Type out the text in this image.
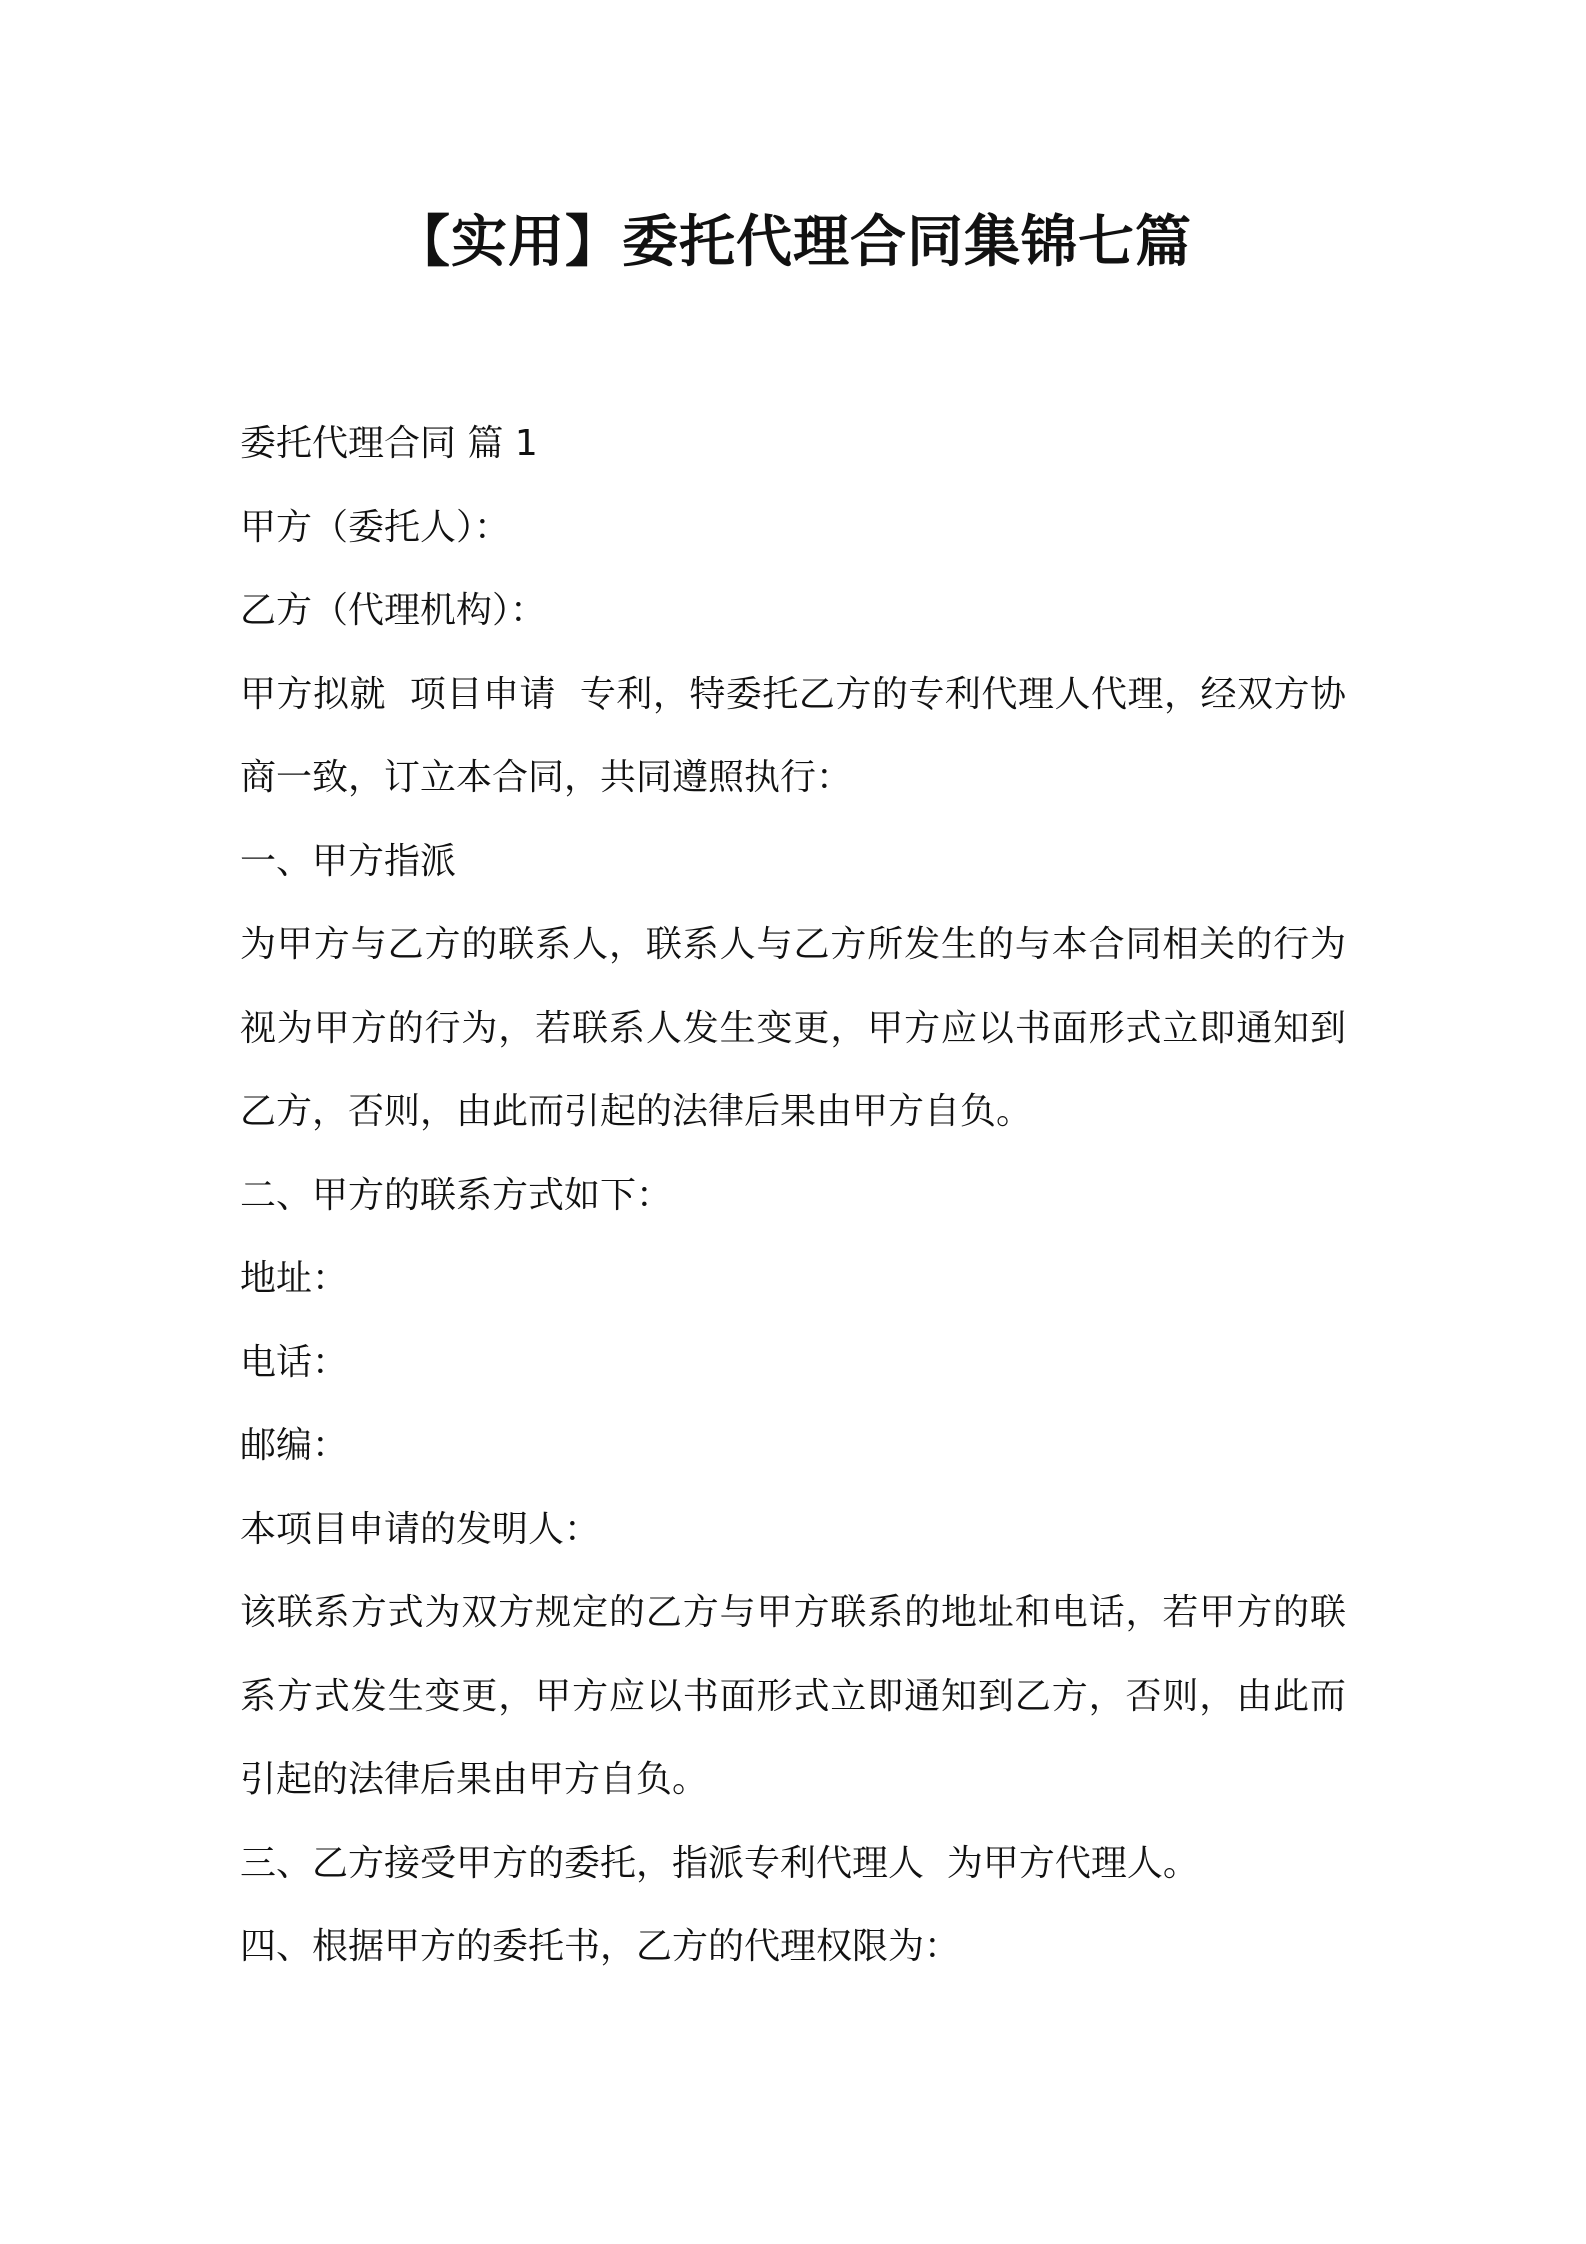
【实用】委托代理合同集锦七篇

委托代理合同 篇 1

甲方（委托人）：

乙方（代理机构）：

甲方拟就  项目申请  专利，特委托乙方的专利代理人代理，经双方协商一致，订立本合同，共同遵照执行：

一、甲方指派

为甲方与乙方的联系人，联系人与乙方所发生的与本合同相关的行为视为甲方的行为，若联系人发生变更，甲方应以书面形式立即通知到乙方，否则，由此而引起的法律后果由甲方自负。

二、甲方的联系方式如下：

地址：

电话：

邮编：

本项目申请的发明人：

该联系方式为双方规定的乙方与甲方联系的地址和电话，若甲方的联系方式发生变更，甲方应以书面形式立即通知到乙方，否则，由此而引起的法律后果由甲方自负。

三、乙方接受甲方的委托，指派专利代理人  为甲方代理人。

四、根据甲方的委托书，乙方的代理权限为：
